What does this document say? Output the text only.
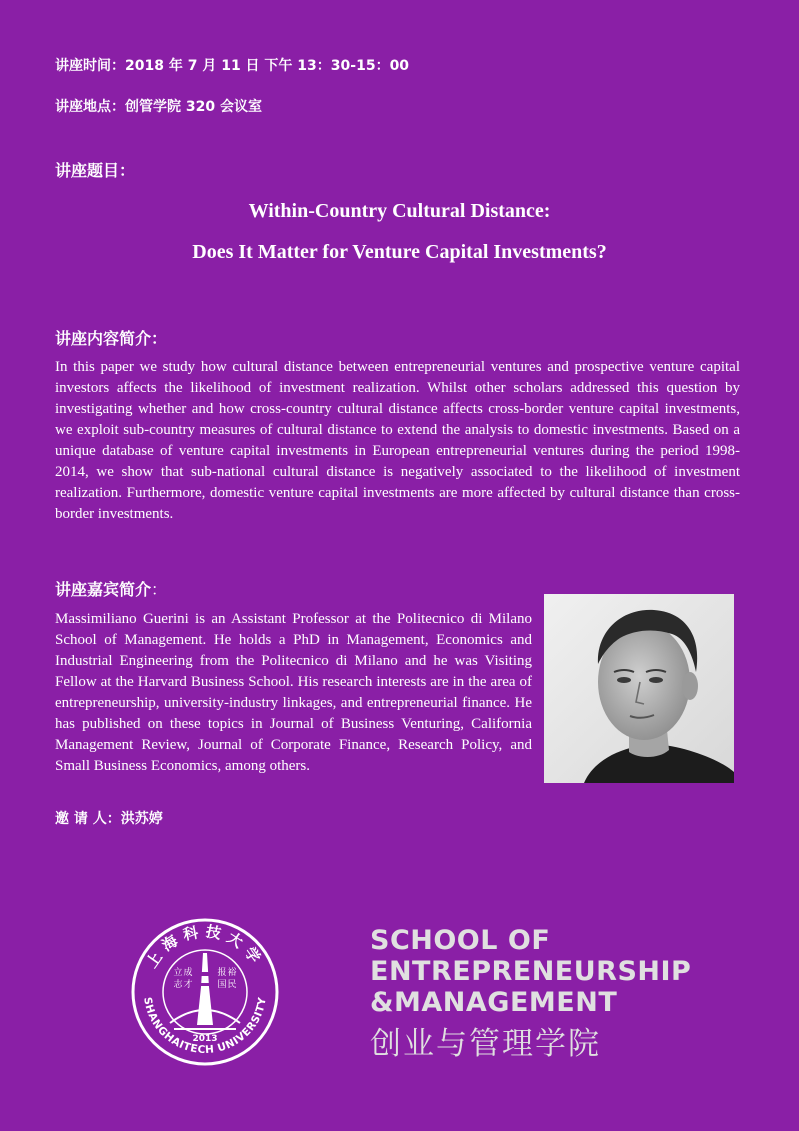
讲座时间：2018 年 7 月 11 日 下午 13：30-15：00
讲座地点：创管学院 320 会议室
讲座题目：
Within-Country Cultural Distance:
Does It Matter for Venture Capital Investments?
讲座内容简介：
In this paper we study how cultural distance between entrepreneurial ventures and prospective venture capital investors affects the likelihood of investment realization. Whilst other scholars addressed this question by investigating whether and how cross-country cultural distance affects cross-border venture capital investments, we exploit sub-country measures of cultural distance to extend the analysis to domestic investments. Based on a unique database of venture capital investments in European entrepreneurial ventures during the period 1998-2014, we show that sub-national cultural distance is negatively associated to the likelihood of investment realization. Furthermore, domestic venture capital investments are more affected by cultural distance than cross-border investments.
讲座嘉宾简介：
Massimiliano Guerini is an Assistant Professor at the Politecnico di Milano School of Management. He holds a PhD in Management, Economics and Industrial Engineering from the Politecnico di Milano and he was Visiting Fellow at the Harvard Business School. His research interests are in the area of entrepreneurship, university-industry linkages, and entrepreneurial finance. He has published on these topics in Journal of Business Venturing, California Management Review, Journal of Corporate Finance, Research Policy, and Small Business Economics, among others.
邀 请 人：洪苏婷
上海科技大学
SHANGHAITECH UNIVERSITY
立成志才
报裕国民
2013
SCHOOL OF
ENTREPRENEURSHIP
&MANAGEMENT
创业与管理学院
